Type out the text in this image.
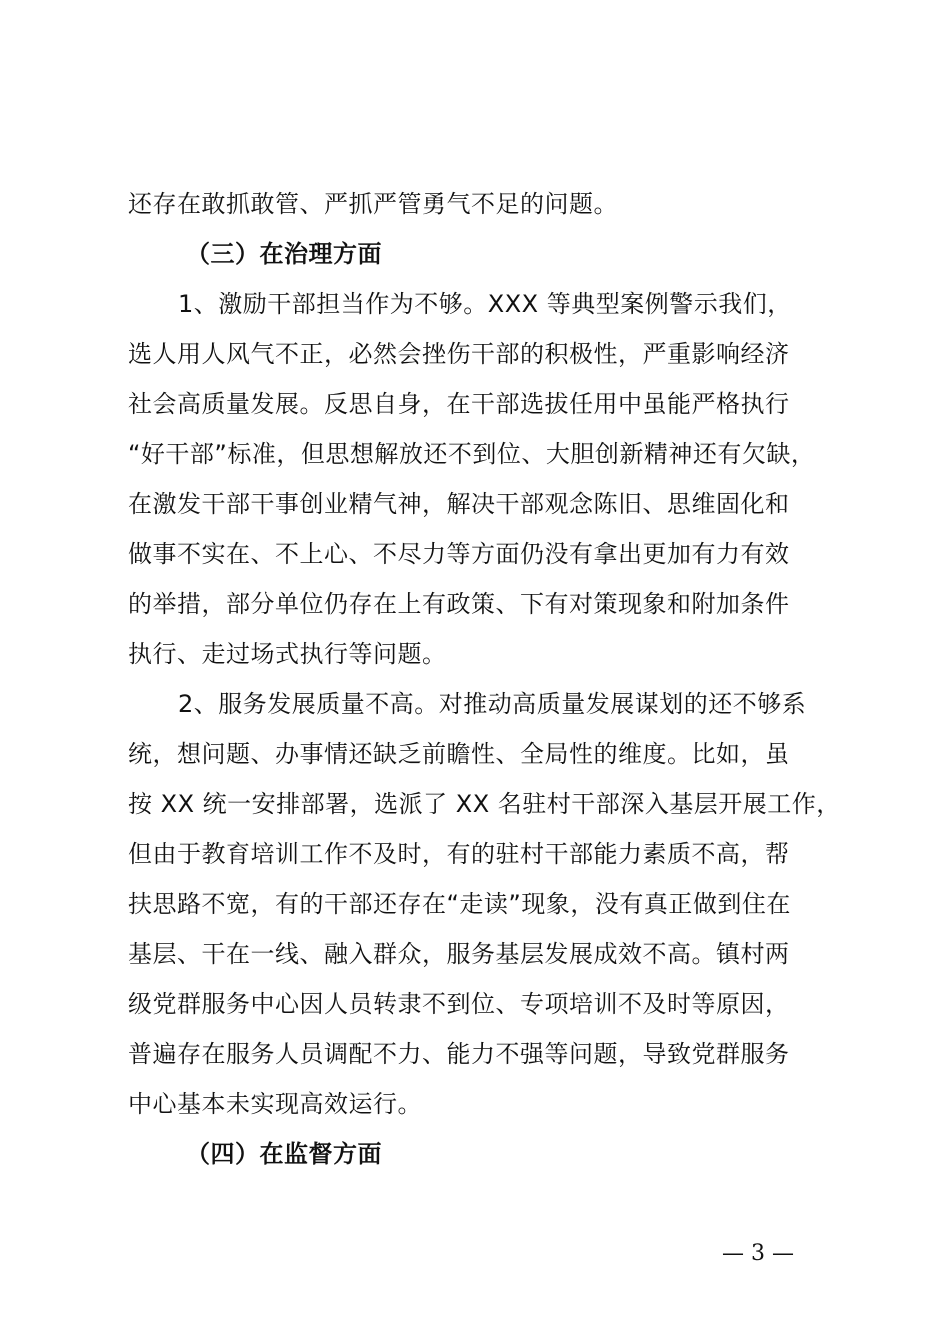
还存在敢抓敢管、严抓严管勇气不足的问题。
（三）在治理方面
1、激励干部担当作为不够。XXX 等典型案例警示我们，
选人用人风气不正，必然会挫伤干部的积极性，严重影响经济
社会高质量发展。反思自身，在干部选拔任用中虽能严格执行
“好干部”标准，但思想解放还不到位、大胆创新精神还有欠缺，
在激发干部干事创业精气神，解决干部观念陈旧、思维固化和
做事不实在、不上心、不尽力等方面仍没有拿出更加有力有效
的举措，部分单位仍存在上有政策、下有对策现象和附加条件
执行、走过场式执行等问题。
2、服务发展质量不高。对推动高质量发展谋划的还不够系
统，想问题、办事情还缺乏前瞻性、全局性的维度。比如，虽
按 XX 统一安排部署，选派了 XX 名驻村干部深入基层开展工作，
但由于教育培训工作不及时，有的驻村干部能力素质不高，帮
扶思路不宽，有的干部还存在“走读”现象，没有真正做到住在
基层、干在一线、融入群众，服务基层发展成效不高。镇村两
级党群服务中心因人员转隶不到位、专项培训不及时等原因，
普遍存在服务人员调配不力、能力不强等问题，导致党群服务
中心基本未实现高效运行。
（四）在监督方面
— 3 —
